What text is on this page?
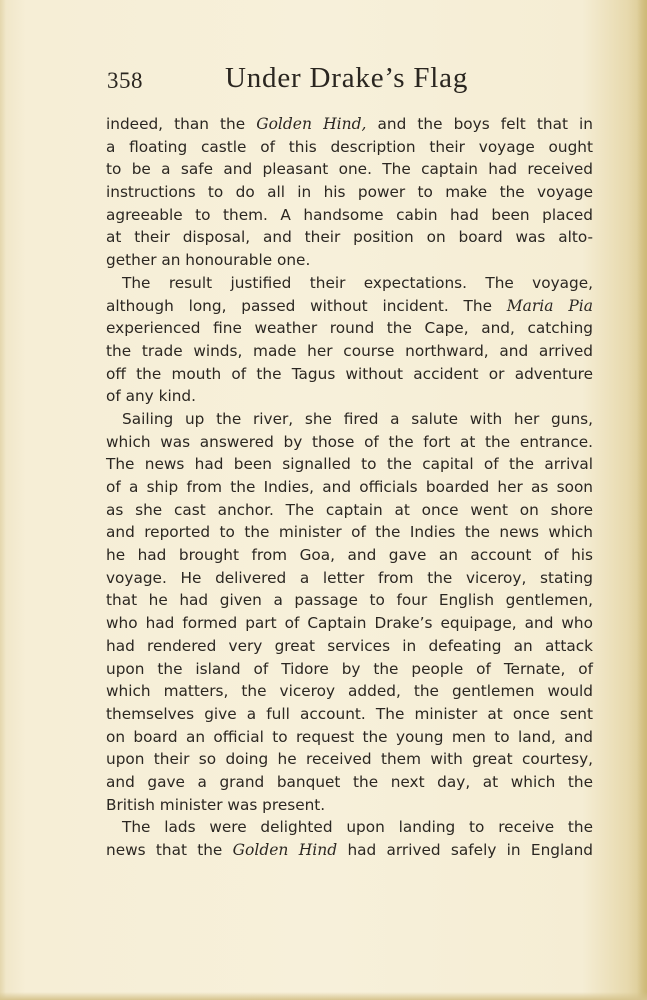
358	Under Drake’s Flag
indeed, than the Golden Hind, and the boys felt that in
a floating castle of this description their voyage ought
to be a safe and pleasant one. The captain had received
instructions to do all in his power to make the voyage
agreeable to them. A handsome cabin had been placed
at their disposal, and their position on board was alto-
gether an honourable one.
The result justified their expectations. The voyage,
although long, passed without incident. The Maria Pia
experienced fine weather round the Cape, and, catching
the trade winds, made her course northward, and arrived
off the mouth of the Tagus without accident or adventure
of any kind.
Sailing up the river, she fired a salute with her guns,
which was answered by those of the fort at the entrance.
The news had been signalled to the capital of the arrival
of a ship from the Indies, and officials boarded her as soon
as she cast anchor. The captain at once went on shore
and reported to the minister of the Indies the news which
he had brought from Goa, and gave an account of his
voyage. He delivered a letter from the viceroy, stating
that he had given a passage to four English gentlemen,
who had formed part of Captain Drake’s equipage, and who
had rendered very great services in defeating an attack
upon the island of Tidore by the people of Ternate, of
which matters, the viceroy added, the gentlemen would
themselves give a full account. The minister at once sent
on board an official to request the young men to land, and
upon their so doing he received them with great courtesy,
and gave a grand banquet the next day, at which the
British minister was present.
The lads were delighted upon landing to receive the
news that the Golden Hind had arrived safely in England
